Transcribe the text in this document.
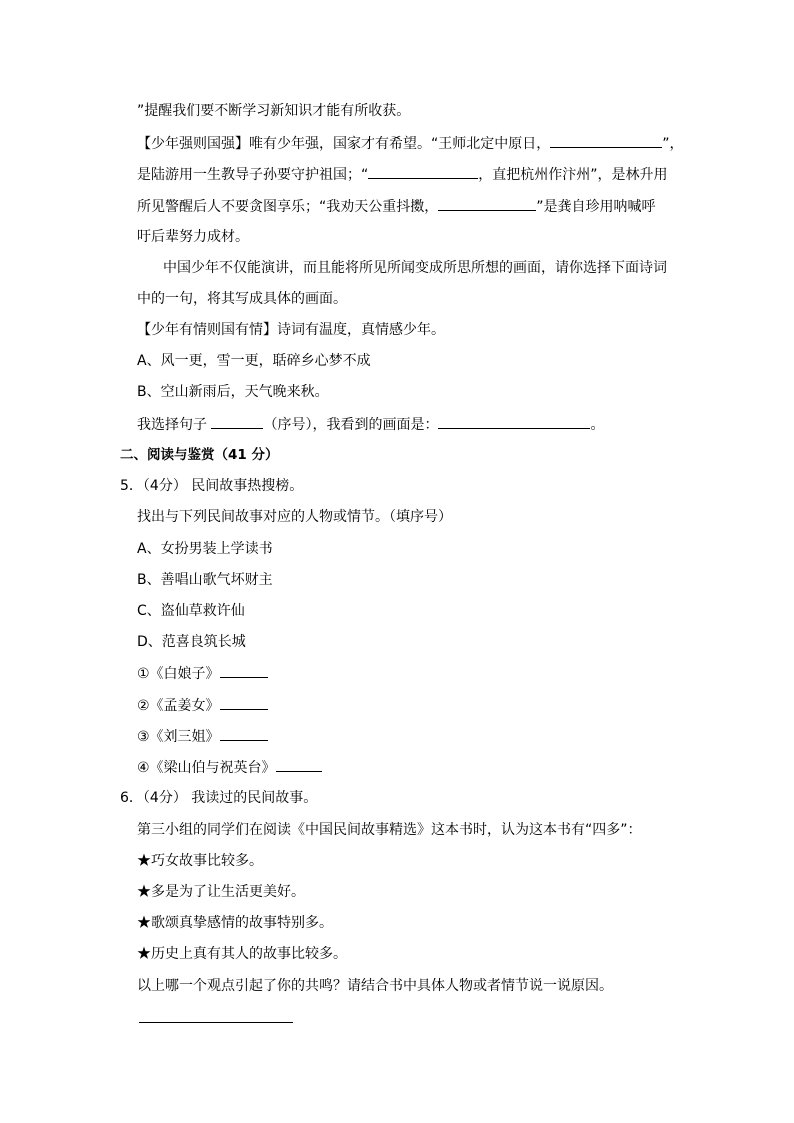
”提醒我们要不断学习新知识才能有所收获。
【少年强则国强】唯有少年强，国家才有希望。“王师北定中原日，	”，
是陆游用一生教导子孙要守护祖国；“	，直把杭州作汴州”，是林升用
所见警醒后人不要贪图享乐；“我劝天公重抖擞，	”是龚自珍用呐喊呼
吁后辈努力成材。
中国少年不仅能演讲，而且能将所见所闻变成所思所想的画面，请你选择下面诗词
中的一句，将其写成具体的画面。
【少年有情则国有情】诗词有温度，真情感少年。
A、风一更，雪一更，聒碎乡心梦不成
B、空山新雨后，天气晚来秋。
我选择句子	（序号），我看到的画面是：	。
二、阅读与鉴赏（41 分）
5．（4分） 民间故事热搜榜。
找出与下列民间故事对应的人物或情节。（填序号）
A、女扮男装上学读书
B、善唱山歌气坏财主
C、盗仙草救许仙
D、范喜良筑长城
①《白娘子》
②《孟姜女》
③《刘三姐》
④《梁山伯与祝英台》
6．（4分） 我读过的民间故事。
第三小组的同学们在阅读《中国民间故事精选》这本书时，认为这本书有“四多”：
★巧女故事比较多。
★多是为了让生活更美好。
★歌颂真挚感情的故事特别多。
★历史上真有其人的故事比较多。
以上哪一个观点引起了你的共鸣？请结合书中具体人物或者情节说一说原因。
